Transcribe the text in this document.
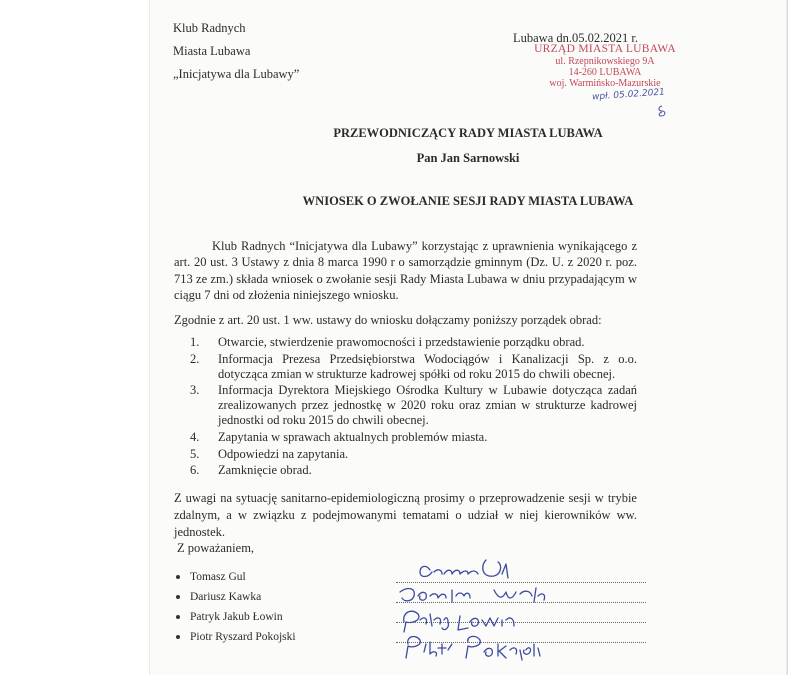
Klub Radnych
Miasta Lubawa
„Inicjatywa dla Lubawy”
Lubawa dn.05.02.2021 r.
URZĄD MIASTA LUBAWA
ul. Rzepnikowskiego 9A
14-260 LUBAWA
woj. Warmińsko-Mazurskie
wpł. 05.02.2021
PRZEWODNICZĄCY RADY MIASTA LUBAWA
Pan Jan Sarnowski
WNIOSEK O ZWOŁANIE SESJI RADY MIASTA LUBAWA
Klub Radnych “Inicjatywa dla Lubawy” korzystając z uprawnienia wynikającego z art. 20 ust. 3 Ustawy z dnia 8 marca 1990 r o samorządzie gminnym (Dz. U. z 2020 r. poz. 713 ze zm.) składa wniosek o zwołanie sesji Rady Miasta Lubawa w dniu przypadającym w ciągu 7 dni od złożenia niniejszego wniosku.
Zgodnie z art. 20 ust. 1 ww. ustawy do wniosku dołączamy poniższy porządek obrad:
1. Otwarcie, stwierdzenie prawomocności i przedstawienie porządku obrad.
2. Informacja Prezesa Przedsiębiorstwa Wodociągów i Kanalizacji Sp. z o.o. dotycząca zmian w strukturze kadrowej spółki od roku 2015 do chwili obecnej.
3. Informacja Dyrektora Miejskiego Ośrodka Kultury w Lubawie dotycząca zadań zrealizowanych przez jednostkę w 2020 roku oraz zmian w strukturze kadrowej jednostki od roku 2015 do chwili obecnej.
4. Zapytania w sprawach aktualnych problemów miasta.
5. Odpowiedzi na zapytania.
6. Zamknięcie obrad.
Z uwagi na sytuację sanitarno-epidemiologiczną prosimy o przeprowadzenie sesji w trybie zdalnym, a w związku z podejmowanymi tematami o udział w niej kierowników ww. jednostek.
Z poważaniem,
Tomasz Gul
Dariusz Kawka
Patryk Jakub Łowin
Piotr Ryszard Pokojski
